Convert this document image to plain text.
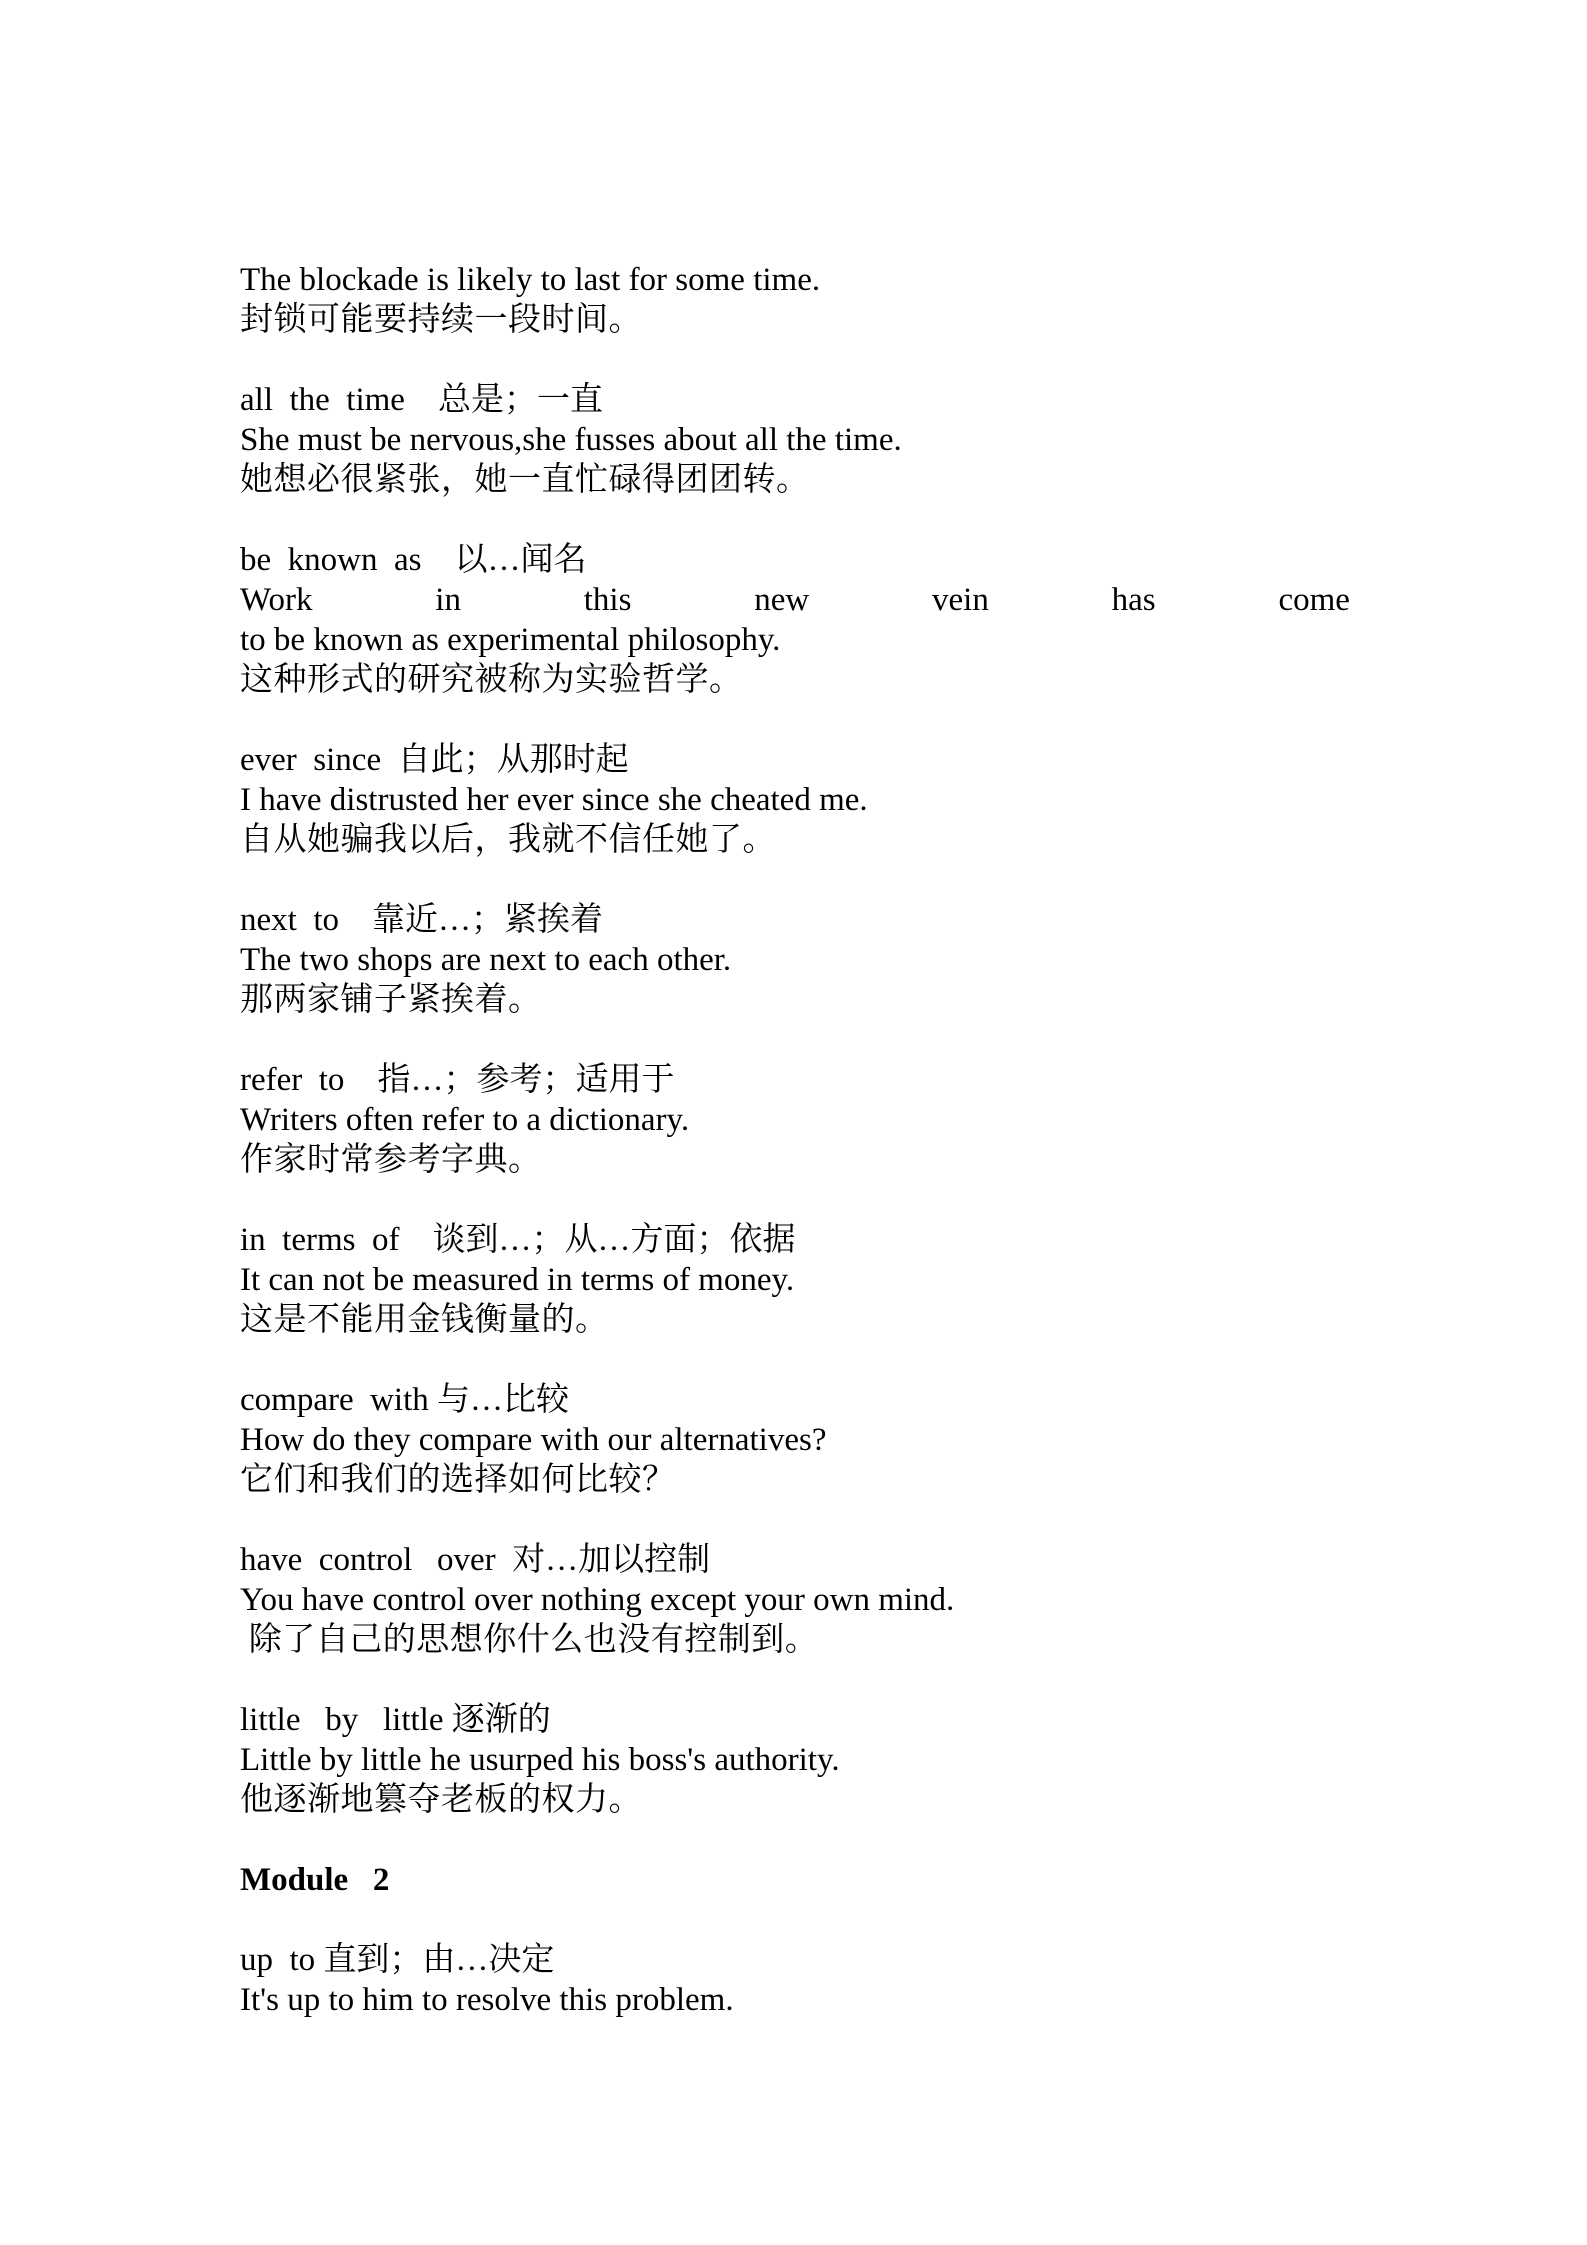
The blockade is likely to last for some time.
封锁可能要持续一段时间。
all  the  time    总是；一直
She must be nervous,she fusses about all the time.
她想必很紧张，她一直忙碌得团团转。
be  known  as    以…闻名
Work	in	this	new	vein	has	come
to be known as experimental philosophy.
这种形式的研究被称为实验哲学。
ever  since  自此；从那时起
I have distrusted her ever since she cheated me.
自从她骗我以后，我就不信任她了。
next  to    靠近…；紧挨着
The two shops are next to each other.
那两家铺子紧挨着。
refer  to    指…；参考；适用于
Writers often refer to a dictionary.
作家时常参考字典。
in  terms  of    谈到…；从…方面；依据
It can not be measured in terms of money.
这是不能用金钱衡量的。
compare  with 与…比较
How do they compare with our alternatives?
它们和我们的选择如何比较？
have  control   over  对…加以控制
You have control over nothing except your own mind.
除了自己的思想你什么也没有控制到。
little   by   little 逐渐的
Little by little he usurped his boss's authority.
他逐渐地篡夺老板的权力。
Module   2
up  to 直到；由…决定
It's up to him to resolve this problem.
